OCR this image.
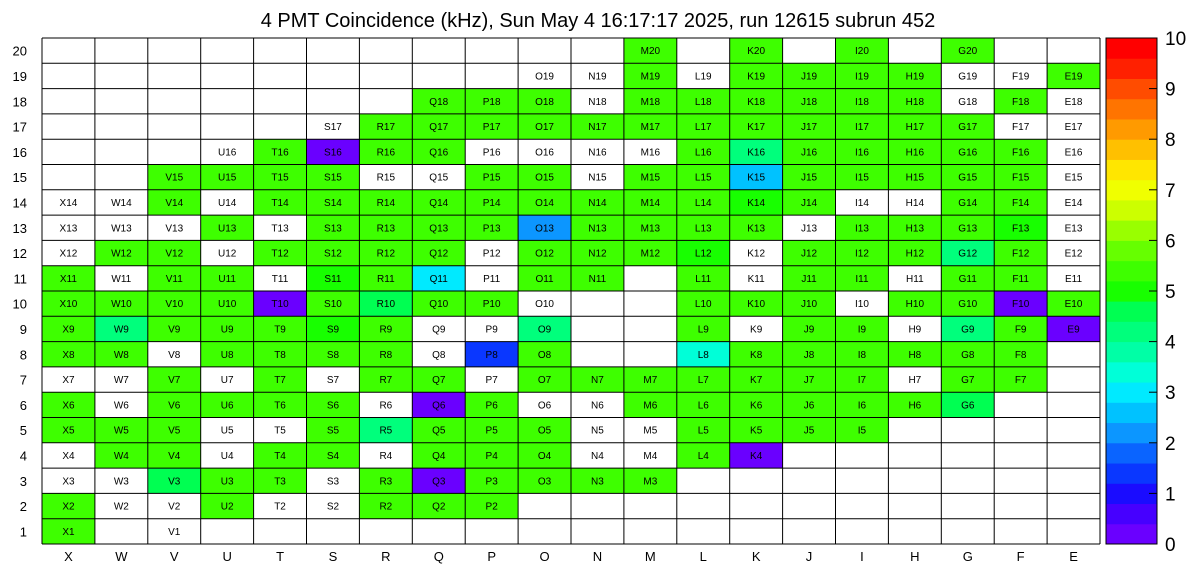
4 PMT Coincidence (kHz), Sun May 4 16:17:17 2025, run 12615 subrun 452
X1	V1
X2	W2	V2	U2	T2	S2	R2	Q2	P2
X3	W3	V3	U3	T3	S3	R3	Q3	P3	O3	N3	M3
X4	W4	V4	U4	T4	S4	R4	Q4	P4	O4	N4	M4	L4	K4
X5	W5	V5	U5	T5	S5	R5	Q5	P5	O5	N5	M5	L5	K5	J5	I5
X6	W6	V6	U6	T6	S6	R6	Q6	P6	O6	N6	M6	L6	K6	J6	I6	H6	G6
X7	W7	V7	U7	T7	S7	R7	Q7	P7	O7	N7	M7	L7	K7	J7	I7	H7	G7	F7
X8	W8	V8	U8	T8	S8	R8	Q8	P8	O8	L8	K8	J8	I8	H8	G8	F8
X9	W9	V9	U9	T9	S9	R9	Q9	P9	O9	L9	K9	J9	I9	H9	G9	F9	E9
X10	W10	V10	U10	T10	S10	R10	Q10	P10	O10	L10	K10	J10	I10	H10	G10	F10	E10
X11	W11	V11	U11	T11	S11	R11	Q11	P11	O11	N11	L11	K11	J11	I11	H11	G11	F11	E11
X12	W12	V12	U12	T12	S12	R12	Q12	P12	O12	N12	M12	L12	K12	J12	I12	H12	G12	F12	E12
X13	W13	V13	U13	T13	S13	R13	Q13	P13	O13	N13	M13	L13	K13	J13	I13	H13	G13	F13	E13
X14	W14	V14	U14	T14	S14	R14	Q14	P14	O14	N14	M14	L14	K14	J14	I14	H14	G14	F14	E14
V15	U15	T15	S15	R15	Q15	P15	O15	N15	M15	L15	K15	J15	I15	H15	G15	F15	E15
U16	T16	S16	R16	Q16	P16	O16	N16	M16	L16	K16	J16	I16	H16	G16	F16	E16
S17	R17	Q17	P17	O17	N17	M17	L17	K17	J17	I17	H17	G17	F17	E17
Q18	P18	O18	N18	M18	L18	K18	J18	I18	H18	G18	F18	E18
O19	N19	M19	L19	K19	J19	I19	H19	G19	F19	E19
M20	K20	I20	G20
X	W	V	U	T	S	R	Q	P	O	N	M	L	K	J	I	H	G	F	E
1
2
3
4
5
6
7
8
9
10
11
12
13
14
15
16
17
18
19
20
0
1
2
3
4
5
6
7
8
9
10
